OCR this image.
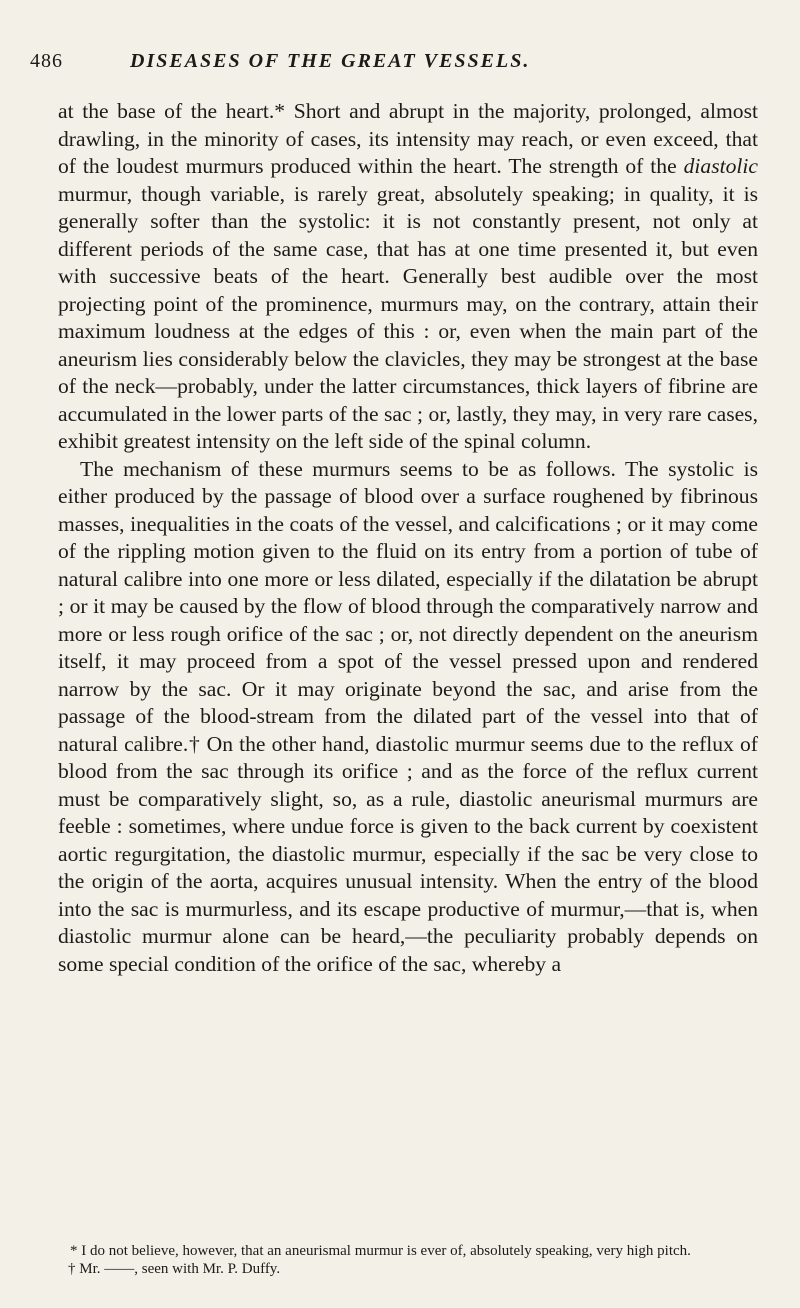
486	DISEASES OF THE GREAT VESSELS.

at the base of the heart.* Short and abrupt in the majority, prolonged, almost drawling, in the minority of cases, its intensity may reach, or even exceed, that of the loudest murmurs produced within the heart. The strength of the diastolic murmur, though variable, is rarely great, absolutely speaking; in quality, it is generally softer than the systolic: it is not constantly present, not only at different periods of the same case, that has at one time presented it, but even with successive beats of the heart. Generally best audible over the most projecting point of the prominence, murmurs may, on the contrary, attain their maximum loudness at the edges of this : or, even when the main part of the aneurism lies considerably below the clavicles, they may be strongest at the base of the neck—probably, under the latter circumstances, thick layers of fibrine are accumulated in the lower parts of the sac ; or, lastly, they may, in very rare cases, exhibit greatest intensity on the left side of the spinal column.

The mechanism of these murmurs seems to be as follows. The systolic is either produced by the passage of blood over a surface roughened by fibrinous masses, inequalities in the coats of the vessel, and calcifications ; or it may come of the rippling motion given to the fluid on its entry from a portion of tube of natural calibre into one more or less dilated, especially if the dilatation be abrupt ; or it may be caused by the flow of blood through the comparatively narrow and more or less rough orifice of the sac ; or, not directly dependent on the aneurism itself, it may proceed from a spot of the vessel pressed upon and rendered narrow by the sac. Or it may originate beyond the sac, and arise from the passage of the blood-stream from the dilated part of the vessel into that of natural calibre.† On the other hand, diastolic murmur seems due to the reflux of blood from the sac through its orifice ; and as the force of the reflux current must be comparatively slight, so, as a rule, diastolic aneurismal murmurs are feeble : sometimes, where undue force is given to the back current by coexistent aortic regurgitation, the diastolic murmur, especially if the sac be very close to the origin of the aorta, acquires unusual intensity. When the entry of the blood into the sac is murmurless, and its escape productive of murmur,—that is, when diastolic murmur alone can be heard,—the peculiarity probably depends on some special condition of the orifice of the sac, whereby a

* I do not believe, however, that an aneurismal murmur is ever of, absolutely speaking, very high pitch.

† Mr. ——, seen with Mr. P. Duffy.
